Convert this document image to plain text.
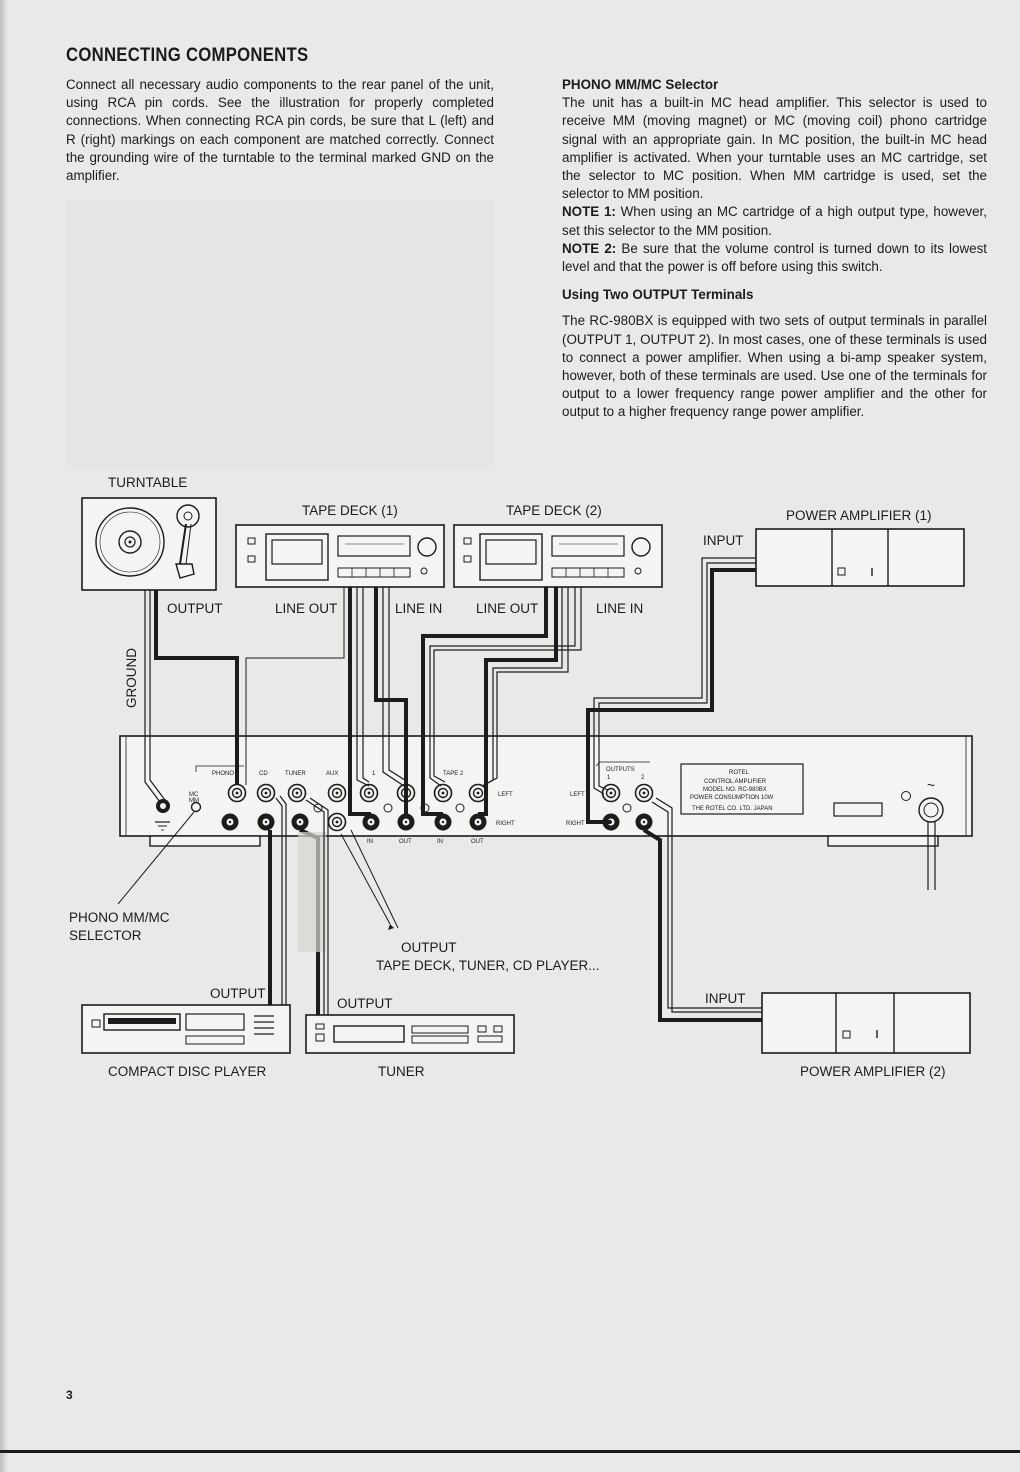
CONNECTING COMPONENTS
Connect all necessary audio components to the rear panel of the unit, using RCA pin cords. See the illustration for properly completed connections. When connecting RCA pin cords, be sure that L (left) and R (right) markings on each component are matched correctly. Connect the grounding wire of the turntable to the terminal marked GND on the amplifier.

PHONO MM/MC Selector

The unit has a built-in MC head amplifier. This selector is used to receive MM (moving magnet) or MC (moving coil) phono cartridge signal with an appropriate gain. In MC position, the built-in MC head amplifier is activated. When your turntable uses an MC cartridge, set the selector to MC position. When MM cartridge is used, set the selector to MM position.

NOTE 1: When using an MC cartridge of a high output type, however, set this selector to the MM position.

NOTE 2: Be sure that the volume control is turned down to its lowest level and that the power is off before using this switch.

Using Two OUTPUT Terminals

The RC-980BX is equipped with two sets of output terminals in parallel (OUTPUT 1, OUTPUT 2). In most cases, one of these terminals is used to connect a power amplifier. When using a bi-amp speaker system, however, both of these terminals are used. Use one of the terminals for output to a lower frequency range power amplifier and the other for output to a higher frequency range power amplifier.

TURNTABLE
TAPE DECK (1)	TAPE DECK (2)	POWER AMPLIFIER (1)
INPUT
PHONO	CD	TUNER	AUX	1	TAPE 2
LEFT
RIGHT
IN	OUT	IN	OUT
LEFT
RIGHT
OUTPUTS
1	2
MC
MM
~
ROTEL
CONTROL AMPLIFIER
MODEL NO. RC-980BX
POWER CONSUMPTION 10W
THE ROTEL CO. LTD. JAPAN
OUTPUT	LINE OUT	LINE IN LINE OUT	LINE IN
GROUND
PHONO MM/MC
SELECTOR
OUTPUT
TAPE DECK, TUNER, CD PLAYER...
OUTPUT
COMPACT DISC PLAYER
OUTPUT
TUNER
INPUT
POWER AMPLIFIER (2)
3
